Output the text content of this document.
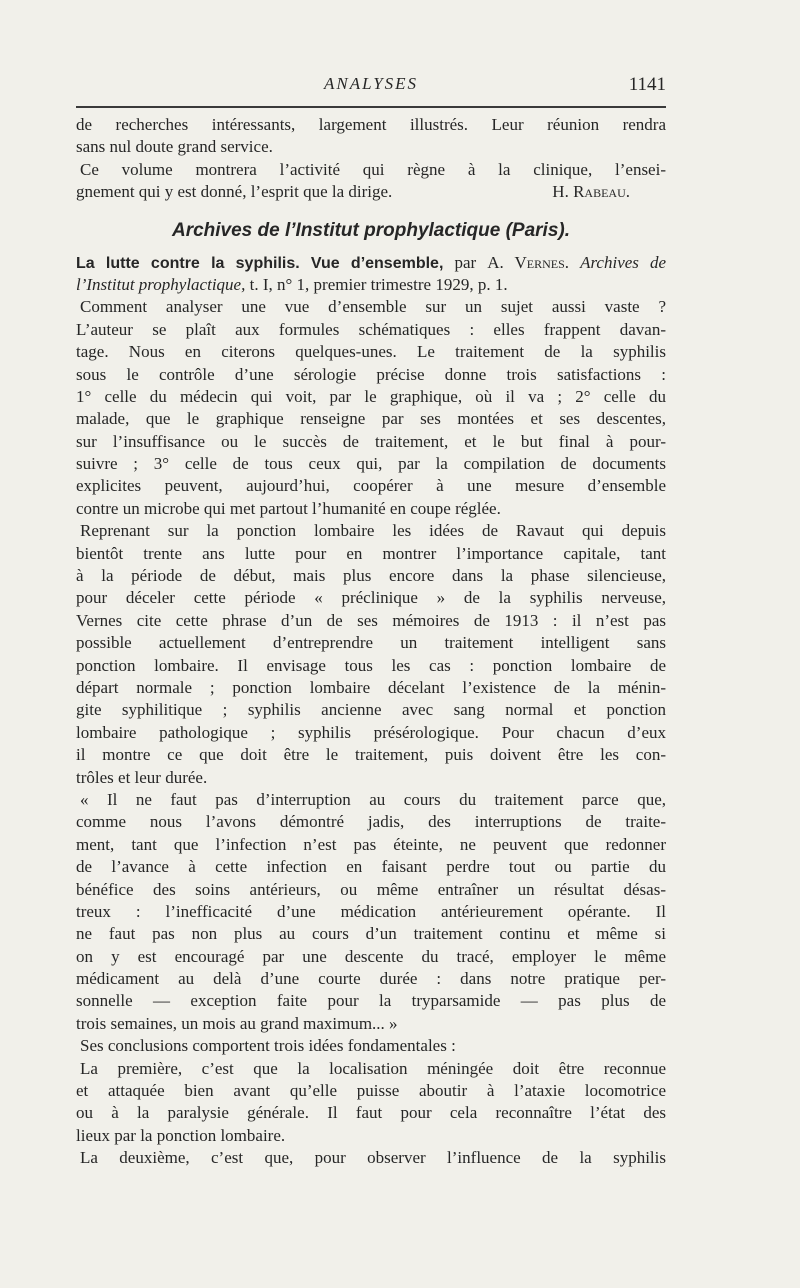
ANALYSES	1141
de recherches intéressants, largement illustrés. Leur réunion rendra
sans nul doute grand service.
Ce volume montrera l’activité qui règne à la clinique, l’ensei-
gnement qui y est donné, l’esprit que la dirige.	H. Rabeau.
Archives de l’Institut prophylactique (Paris).
La lutte contre la syphilis. Vue d’ensemble, par A. Vernes. Archives de
l’Institut prophylactique, t. I, n° 1, premier trimestre 1929, p. 1.
Comment analyser une vue d’ensemble sur un sujet aussi vaste ?
L’auteur se plaît aux formules schématiques : elles frappent davan-
tage. Nous en citerons quelques-unes. Le traitement de la syphilis
sous le contrôle d’une sérologie précise donne trois satisfactions :
1° celle du médecin qui voit, par le graphique, où il va ; 2° celle du
malade, que le graphique renseigne par ses montées et ses descentes,
sur l’insuffisance ou le succès de traitement, et le but final à pour-
suivre ; 3° celle de tous ceux qui, par la compilation de documents
explicites peuvent, aujourd’hui, coopérer à une mesure d’ensemble
contre un microbe qui met partout l’humanité en coupe réglée.
Reprenant sur la ponction lombaire les idées de Ravaut qui depuis
bientôt trente ans lutte pour en montrer l’importance capitale, tant
à la période de début, mais plus encore dans la phase silencieuse,
pour déceler cette période « préclinique » de la syphilis nerveuse,
Vernes cite cette phrase d’un de ses mémoires de 1913 : il n’est pas
possible actuellement d’entreprendre un traitement intelligent sans
ponction lombaire. Il envisage tous les cas : ponction lombaire de
départ normale ; ponction lombaire décelant l’existence de la ménin-
gite syphilitique ; syphilis ancienne avec sang normal et ponction
lombaire pathologique ; syphilis présérologique. Pour chacun d’eux
il montre ce que doit être le traitement, puis doivent être les con-
trôles et leur durée.
« Il ne faut pas d’interruption au cours du traitement parce que,
comme nous l’avons démontré jadis, des interruptions de traite-
ment, tant que l’infection n’est pas éteinte, ne peuvent que redonner
de l’avance à cette infection en faisant perdre tout ou partie du
bénéfice des soins antérieurs, ou même entraîner un résultat désas-
treux : l’inefficacité d’une médication antérieurement opérante. Il
ne faut pas non plus au cours d’un traitement continu et même si
on y est encouragé par une descente du tracé, employer le même
médicament au delà d’une courte durée : dans notre pratique per-
sonnelle — exception faite pour la tryparsamide — pas plus de
trois semaines, un mois au grand maximum... »
Ses conclusions comportent trois idées fondamentales :
La première, c’est que la localisation méningée doit être reconnue
et attaquée bien avant qu’elle puisse aboutir à l’ataxie locomotrice
ou à la paralysie générale. Il faut pour cela reconnaître l’état des
lieux par la ponction lombaire.
La deuxième, c’est que, pour observer l’influence de la syphilis
